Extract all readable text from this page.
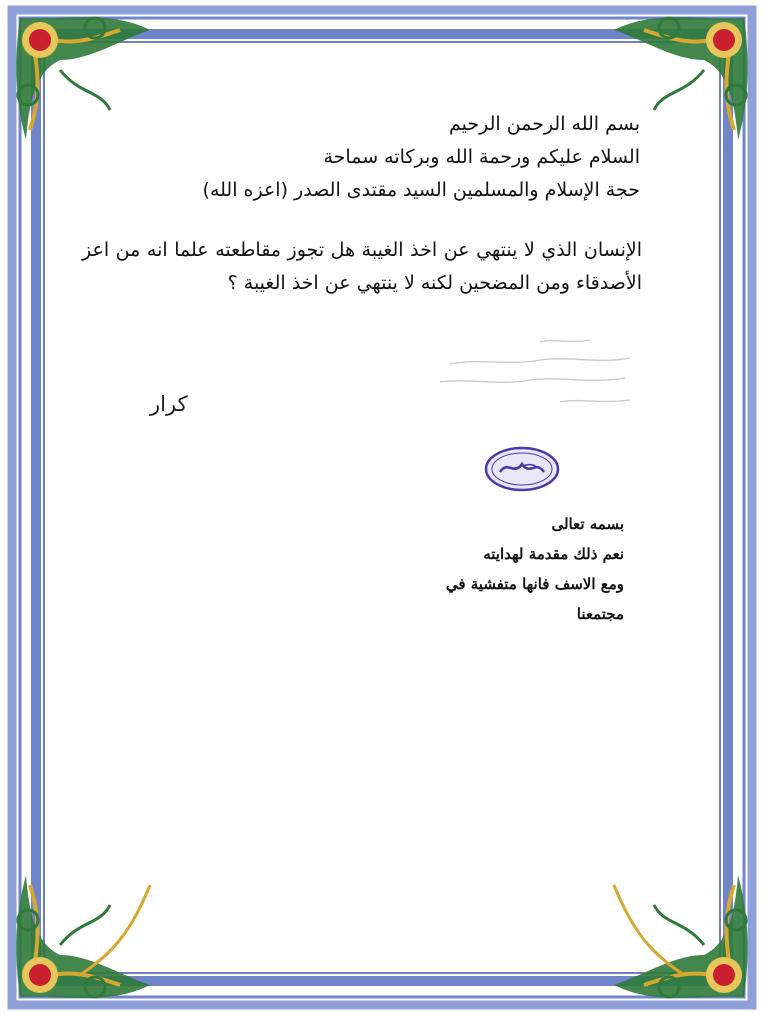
بسم الله الرحمن الرحيم
السلام عليكم ورحمة الله وبركاته سماحة
حجة الإسلام والمسلمين السيد مقتدى الصدر (اعزه الله)
الإنسان الذي لا ينتهي عن اخذ الغيبة هل تجوز مقاطعته علما انه من اعز الأصدقاء ومن المضحين لكنه لا ينتهي عن اخذ الغيبة ؟
كرار
بسمه تعالى
نعم ذلك مقدمة لهدايته
ومع الاسف فانها متفشية في
مجتمعنا
